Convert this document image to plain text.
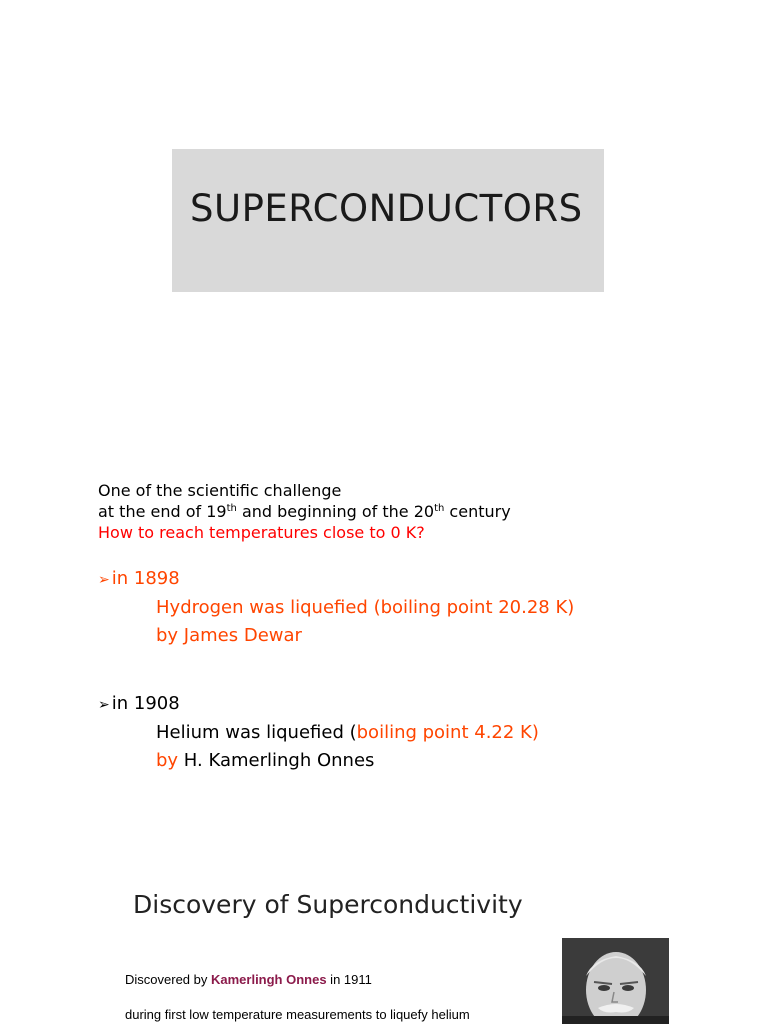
SUPERCONDUCTORS
One of the scientific challenge
at the end of 19th and beginning of the 20th century
How to reach temperatures close to 0 K?
➢ in 1898
Hydrogen was liquefied (boiling point 20.28 K)
by James Dewar
➢ in 1908
Helium was liquefied (boiling point 4.22 K)
by H. Kamerlingh Onnes
Discovery of Superconductivity
Discovered by Kamerlingh Onnes in 1911
during first low temperature measurements to liquefy helium
